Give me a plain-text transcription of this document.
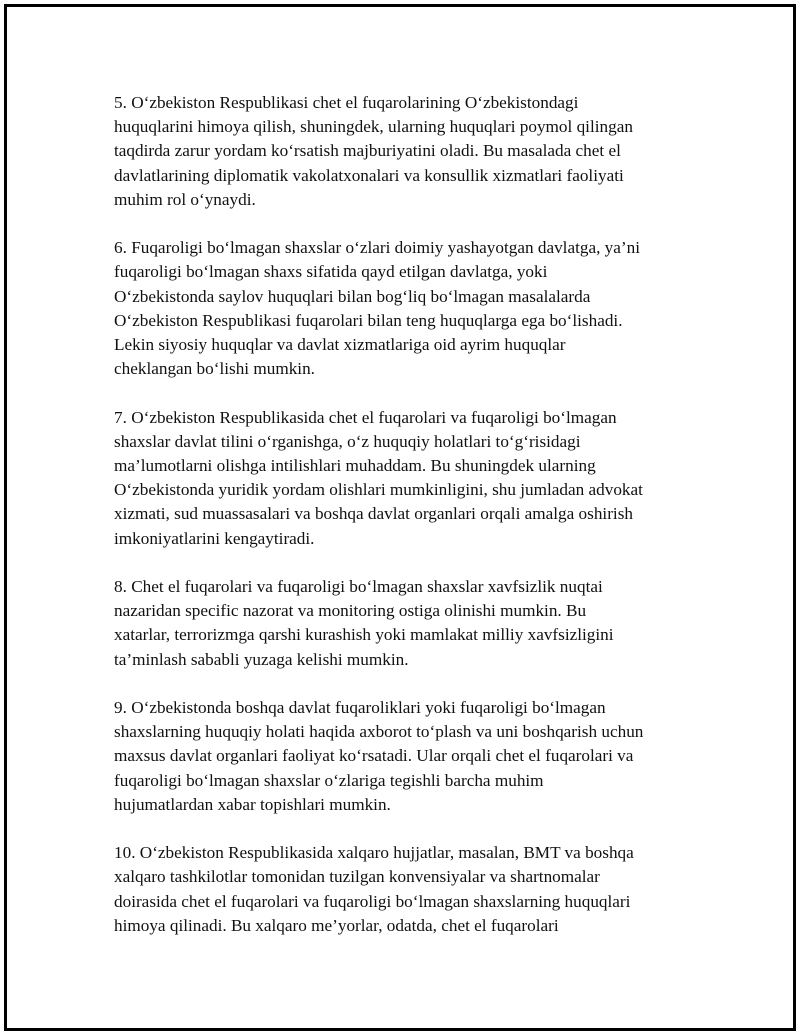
5. O‘zbekiston Respublikasi chet el fuqarolarining O‘zbekistondagi
huquqlarini himoya qilish, shuningdek, ularning huquqlari poymol qilingan
taqdirda zarur yordam ko‘rsatish majburiyatini oladi. Bu masalada chet el
davlatlarining diplomatik vakolatxonalari va konsullik xizmatlari faoliyati
muhim rol o‘ynaydi.

6. Fuqaroligi bo‘lmagan shaxslar o‘zlari doimiy yashayotgan davlatga, ya’ni
fuqaroligi bo‘lmagan shaxs sifatida qayd etilgan davlatga, yoki
O‘zbekistonda saylov huquqlari bilan bog‘liq bo‘lmagan masalalarda
O‘zbekiston Respublikasi fuqarolari bilan teng huquqlarga ega bo‘lishadi.
Lekin siyosiy huquqlar va davlat xizmatlariga oid ayrim huquqlar
cheklangan bo‘lishi mumkin.

7. O‘zbekiston Respublikasida chet el fuqarolari va fuqaroligi bo‘lmagan
shaxslar davlat tilini o‘rganishga, o‘z huquqiy holatlari to‘g‘risidagi
ma’lumotlarni olishga intilishlari muhaddam. Bu shuningdek ularning
O‘zbekistonda yuridik yordam olishlari mumkinligini, shu jumladan advokat
xizmati, sud muassasalari va boshqa davlat organlari orqali amalga oshirish
imkoniyatlarini kengaytiradi.

8. Chet el fuqarolari va fuqaroligi bo‘lmagan shaxslar xavfsizlik nuqtai
nazaridan specific nazorat va monitoring ostiga olinishi mumkin. Bu
xatarlar, terrorizmga qarshi kurashish yoki mamlakat milliy xavfsizligini
ta’minlash sababli yuzaga kelishi mumkin.

9. O‘zbekistonda boshqa davlat fuqaroliklari yoki fuqaroligi bo‘lmagan
shaxslarning huquqiy holati haqida axborot to‘plash va uni boshqarish uchun
maxsus davlat organlari faoliyat ko‘rsatadi. Ular orqali chet el fuqarolari va
fuqaroligi bo‘lmagan shaxslar o‘zlariga tegishli barcha muhim
hujumatlardan xabar topishlari mumkin.

10. O‘zbekiston Respublikasida xalqaro hujjatlar, masalan, BMT va boshqa
xalqaro tashkilotlar tomonidan tuzilgan konvensiyalar va shartnomalar
doirasida chet el fuqarolari va fuqaroligi bo‘lmagan shaxslarning huquqlari
himoya qilinadi. Bu xalqaro me’yorlar, odatda, chet el fuqarolari
